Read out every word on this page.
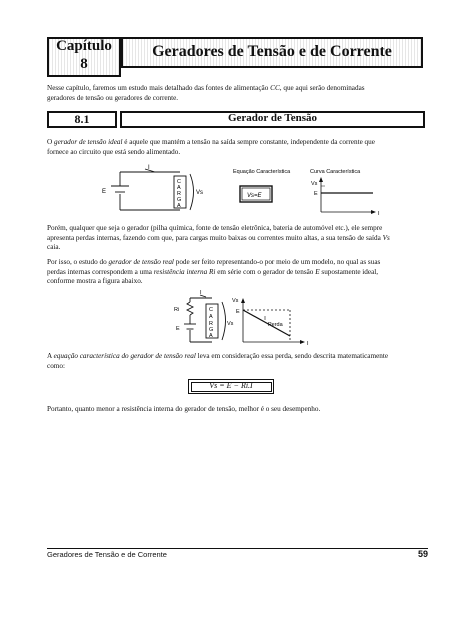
Capítulo
8
Geradores de Tensão e de Corrente
Nesse capítulo, faremos um estudo mais detalhado das fontes de alimentação CC, que aqui serão denominadas
geradores de tensão ou geradores de corrente.
8.1	Gerador de Tensão
O gerador de tensão ideal é aquele que mantém a tensão na saída sempre constante, independente da corrente que
fornece ao circuito que está sendo alimentado.
I
E
C
A
R
G
A
Vs
Equação Característica
Vs=E
Curva Característica
Vs
E
I
Porém, qualquer que seja o gerador (pilha química, fonte de tensão eletrônica, bateria de automóvel etc.), ele sempre
apresenta perdas internas, fazendo com que, para cargas muito baixas ou correntes muito altas, a sua tensão de saída Vs
caia.
Por isso, o estudo do gerador de tensão real pode ser feito representando-o por meio de um modelo, no qual as suas
perdas internas correspondem a uma resistência interna Ri em série com o gerador de tensão E supostamente ideal,
conforme mostra a figura abaixo.
I
Ri
E
C
A
R
G
A
Vs
Vs
E
I
Perda
A equação característica do gerador de tensão real leva em consideração essa perda, sendo descrita matematicamente
como:
Vs = E − Ri.I
Portanto, quanto menor a resistência interna do gerador de tensão, melhor é o seu desempenho.
Geradores de Tensão e de Corrente	59
